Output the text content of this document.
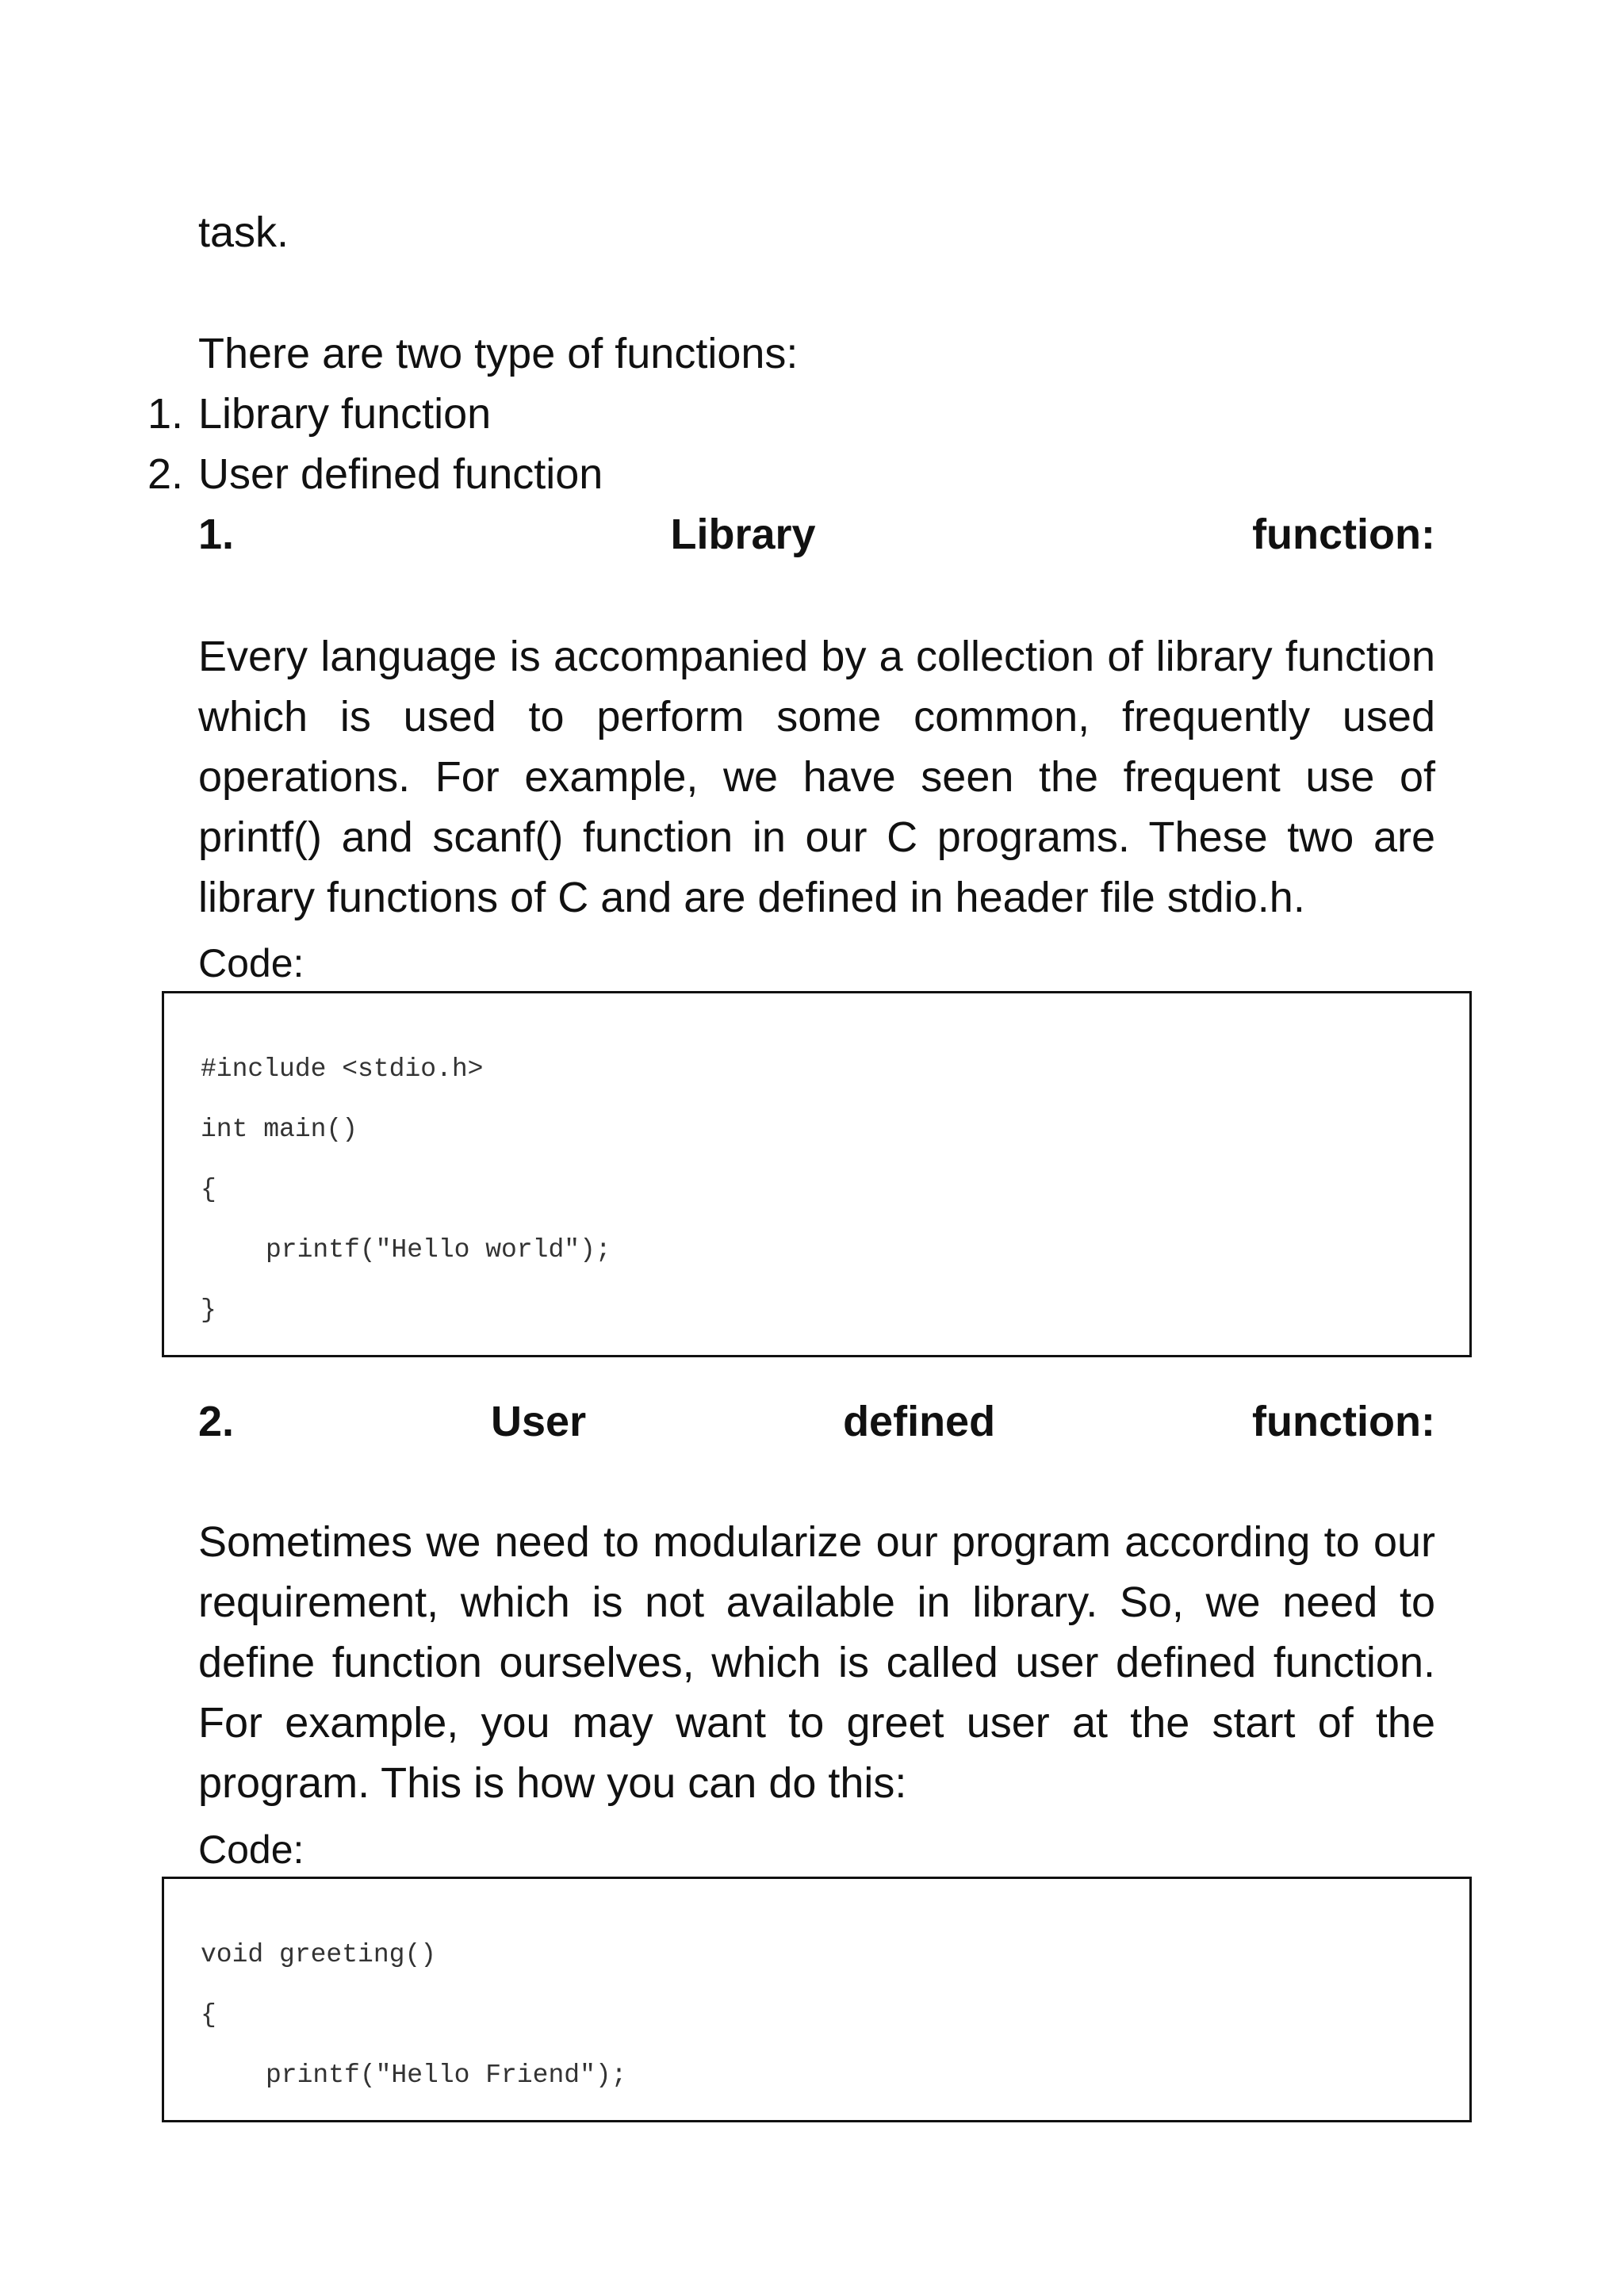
task.

There are two type of functions:

1. Library function
2. User defined function
1.	Library	function:

Every language is accompanied by a collection of library function which is used to perform some common, frequently used operations. For example, we have seen the frequent use of printf() and scanf() function in our C programs. These two are library functions of C and are defined in header file stdio.h.

Code:
#include <stdio.h>
int main()
{
printf("Hello world");
}
2.	User	defined	function:

Sometimes we need to modularize our program according to our requirement, which is not available in library. So, we need to define function ourselves, which is called user defined function. For example, you may want to greet user at the start of the program. This is how you can do this:

Code:
void greeting()
{
printf("Hello Friend");
